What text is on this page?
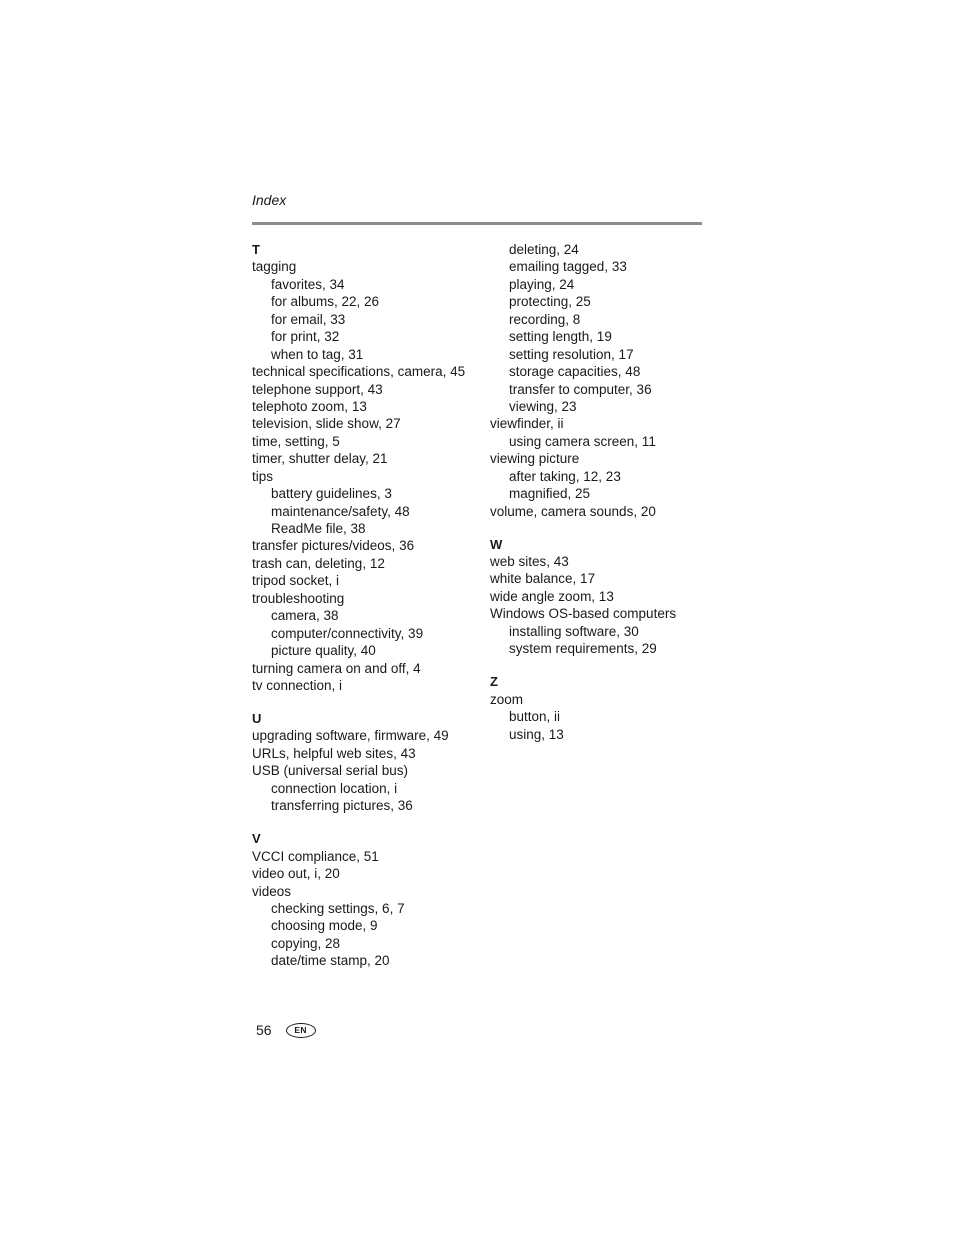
Index
T
tagging
favorites, 34
for albums, 22, 26
for email, 33
for print, 32
when to tag, 31
technical specifications, camera, 45
telephone support, 43
telephoto zoom, 13
television, slide show, 27
time, setting, 5
timer, shutter delay, 21
tips
battery guidelines, 3
maintenance/safety, 48
ReadMe file, 38
transfer pictures/videos, 36
trash can, deleting, 12
tripod socket, i
troubleshooting
camera, 38
computer/connectivity, 39
picture quality, 40
turning camera on and off, 4
tv connection, i
U
upgrading software, firmware, 49
URLs, helpful web sites, 43
USB (universal serial bus)
connection location, i
transferring pictures, 36
V
VCCI compliance, 51
video out, i, 20
videos
checking settings, 6, 7
choosing mode, 9
copying, 28
date/time stamp, 20
deleting, 24
emailing tagged, 33
playing, 24
protecting, 25
recording, 8
setting length, 19
setting resolution, 17
storage capacities, 48
transfer to computer, 36
viewing, 23
viewfinder, ii
using camera screen, 11
viewing picture
after taking, 12, 23
magnified, 25
volume, camera sounds, 20
W
web sites, 43
white balance, 17
wide angle zoom, 13
Windows OS-based computers
installing software, 30
system requirements, 29
Z
zoom
button, ii
using, 13
56	EN
